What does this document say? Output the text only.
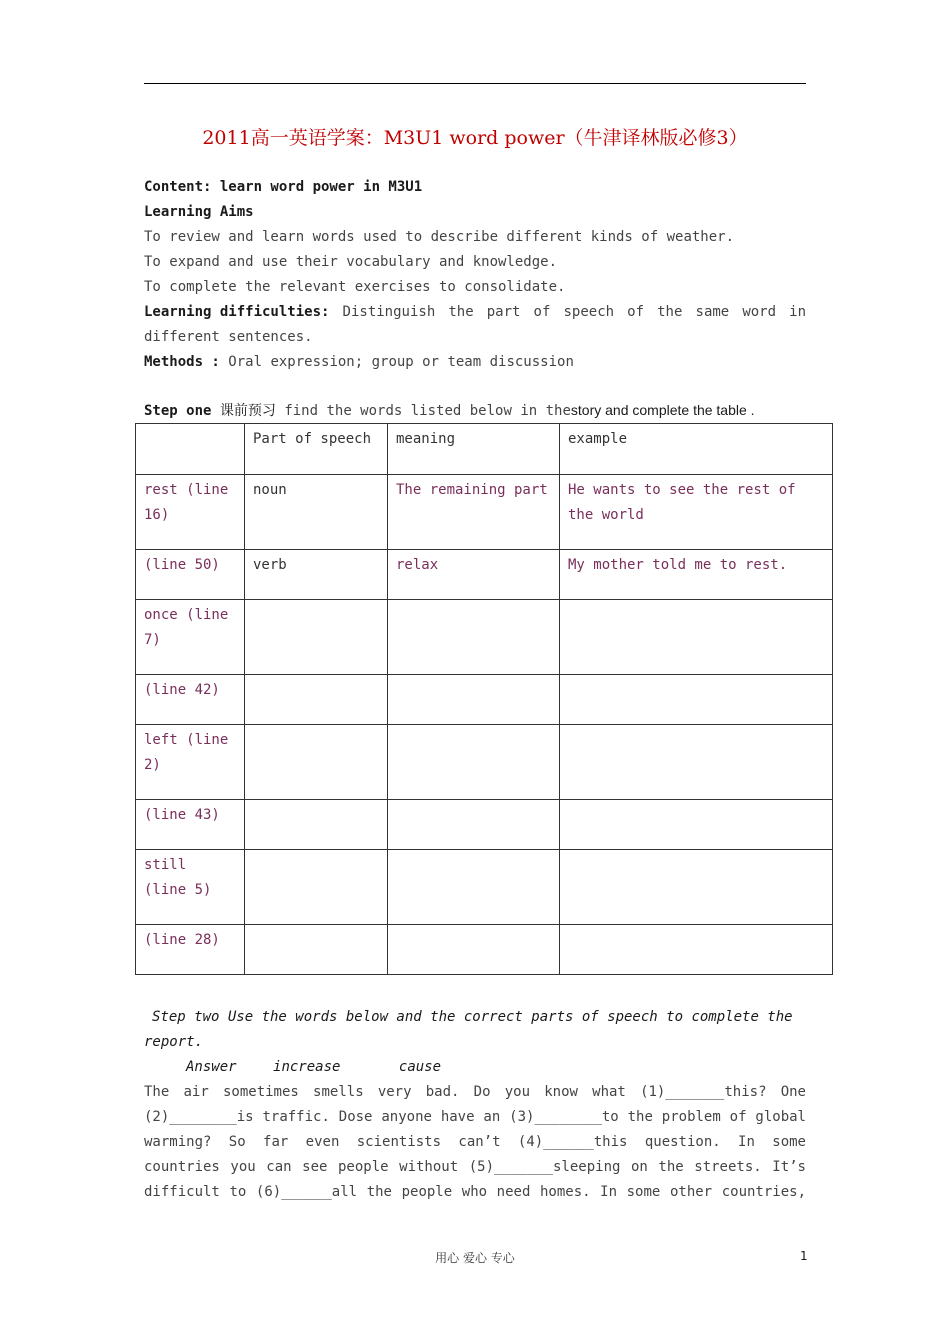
2011高一英语学案：M3U1 word power（牛津译林版必修3）
Content: learn word power in M3U1
Learning Aims
To review and learn words used to describe different kinds of weather.
To expand and use their vocabulary and knowledge.
To complete the relevant exercises to consolidate.
Learning difficulties: Distinguish the part of speech of the same word in
different sentences.
Methods : Oral expression; group or team discussion
Step one 课前预习 find the words listed below in thestory and complete the table .
	Part of speech	meaning	example
rest (line 16)	noun	The remaining part	He wants to see the rest of the world
(line 50)	verb	relax	My mother told me to rest.
once (line 7)			
(line 42)			
left (line 2)			
(line 43)			
still (line 5)			
(line 28)			
Step two Use the words below and the correct parts of speech to complete the
report.
Answer	increase	cause
The air sometimes smells very bad. Do you know what (1)_______this? One
(2)________is traffic. Dose anyone have an (3)________to the problem of global
warming? So far even scientists can’t (4)______this question. In some
countries you can see people without (5)_______sleeping on the streets. It’s
difficult to (6)______all the people who need homes. In some other countries,
用心 爱心 专心	1
